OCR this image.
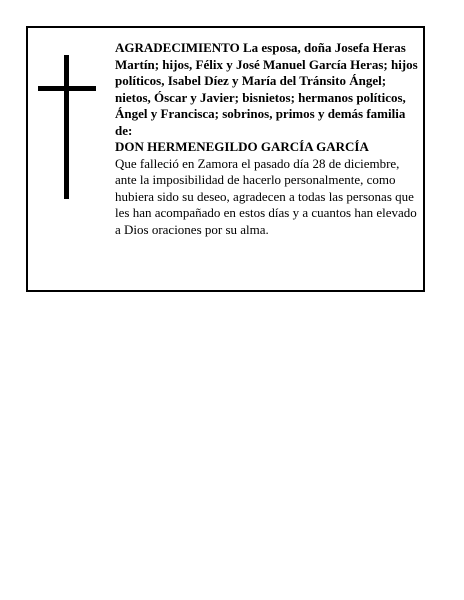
AGRADECIMIENTO La esposa, doña Josefa Heras Martín; hijos, Félix y José Manuel García Heras; hijos políticos, Isabel Díez y María del Tránsito Ángel; nietos, Óscar y Javier; bisnietos; hermanos políticos, Ángel y Francisca; sobrinos, primos y demás familia de:

DON HERMENEGILDO GARCÍA GARCÍA

Que falleció en Zamora el pasado día 28 de diciembre, ante la imposibilidad de hacerlo personalmente, como hubiera sido su deseo, agradecen a todas las personas que les han acompañado en estos días y a cuantos han elevado a Dios oraciones por su alma.
